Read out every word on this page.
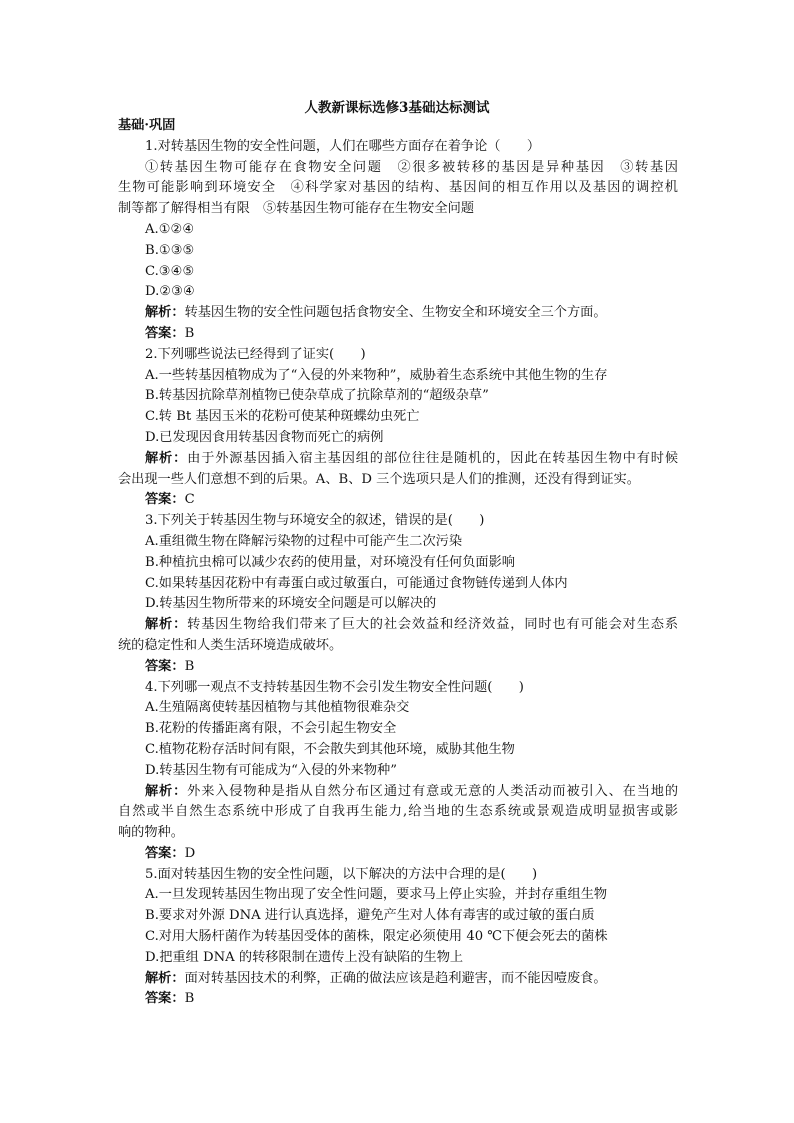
人教新课标选修3基础达标测试
基础·巩固
1.对转基因生物的安全性问题，人们在哪些方面存在着争论（　　）
①转基因生物可能存在食物安全问题　②很多被转移的基因是异种基因　③转基因
生物可能影响到环境安全　④科学家对基因的结构、基因间的相互作用以及基因的调控机
制等都了解得相当有限　⑤转基因生物可能存在生物安全问题
A.①②④
B.①③⑤
C.③④⑤
D.②③④
解析：转基因生物的安全性问题包括食物安全、生物安全和环境安全三个方面。
答案：B
2.下列哪些说法已经得到了证实(　　)
A.一些转基因植物成为了“入侵的外来物种”，威胁着生态系统中其他生物的生存
B.转基因抗除草剂植物已使杂草成了抗除草剂的“超级杂草”
C.转 Bt 基因玉米的花粉可使某种斑蝶幼虫死亡
D.已发现因食用转基因食物而死亡的病例
解析：由于外源基因插入宿主基因组的部位往往是随机的，因此在转基因生物中有时候
会出现一些人们意想不到的后果。A、B、D 三个选项只是人们的推测，还没有得到证实。
答案：C
3.下列关于转基因生物与环境安全的叙述，错误的是(　　)
A.重组微生物在降解污染物的过程中可能产生二次污染
B.种植抗虫棉可以减少农药的使用量，对环境没有任何负面影响
C.如果转基因花粉中有毒蛋白或过敏蛋白，可能通过食物链传递到人体内
D.转基因生物所带来的环境安全问题是可以解决的
解析：转基因生物给我们带来了巨大的社会效益和经济效益，同时也有可能会对生态系
统的稳定性和人类生活环境造成破坏。
答案：B
4.下列哪一观点不支持转基因生物不会引发生物安全性问题(　　)
A.生殖隔离使转基因植物与其他植物很难杂交
B.花粉的传播距离有限，不会引起生物安全
C.植物花粉存活时间有限，不会散失到其他环境，威胁其他生物
D.转基因生物有可能成为“入侵的外来物种”
解析：外来入侵物种是指从自然分布区通过有意或无意的人类活动而被引入、在当地的
自然或半自然生态系统中形成了自我再生能力,给当地的生态系统或景观造成明显损害或影
响的物种。
答案：D
5.面对转基因生物的安全性问题，以下解决的方法中合理的是(　　)
A.一旦发现转基因生物出现了安全性问题，要求马上停止实验，并封存重组生物
B.要求对外源 DNA 进行认真选择，避免产生对人体有毒害的或过敏的蛋白质
C.对用大肠杆菌作为转基因受体的菌株，限定必须使用 40 ℃下便会死去的菌株
D.把重组 DNA 的转移限制在遗传上没有缺陷的生物上
解析：面对转基因技术的利弊，正确的做法应该是趋利避害，而不能因噎废食。
答案：B
